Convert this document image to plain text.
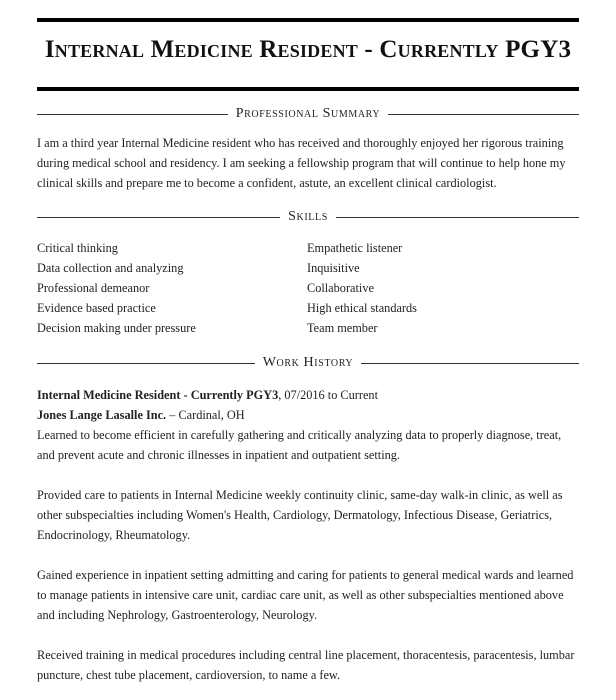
Internal Medicine Resident - Currently PGY3
Professional Summary
I am a third year Internal Medicine resident who has received and thoroughly enjoyed her rigorous training during medical school and residency. I am seeking a fellowship program that will continue to help hone my clinical skills and prepare me to become a confident, astute, an excellent clinical cardiologist.
Skills
Critical thinking	Empathetic listener
Data collection and analyzing	Inquisitive
Professional demeanor	Collaborative
Evidence based practice	High ethical standards
Decision making under pressure	Team member
Work History
Internal Medicine Resident - Currently PGY3, 07/2016 to Current
Jones Lange Lasalle Inc. – Cardinal, OH
Learned to become efficient in carefully gathering and critically analyzing data to properly diagnose, treat, and prevent acute and chronic illnesses in inpatient and outpatient setting.
Provided care to patients in Internal Medicine weekly continuity clinic, same-day walk-in clinic, as well as other subspecialties including Women's Health, Cardiology, Dermatology, Infectious Disease, Geriatrics, Endocrinology, Rheumatology.
Gained experience in inpatient setting admitting and caring for patients to general medical wards and learned to manage patients in intensive care unit, cardiac care unit, as well as other subspecialties mentioned above and including Nephrology, Gastroenterology, Neurology.
Received training in medical procedures including central line placement, thoracentesis, paracentesis, lumbar puncture, chest tube placement, cardioversion, to name a few.
